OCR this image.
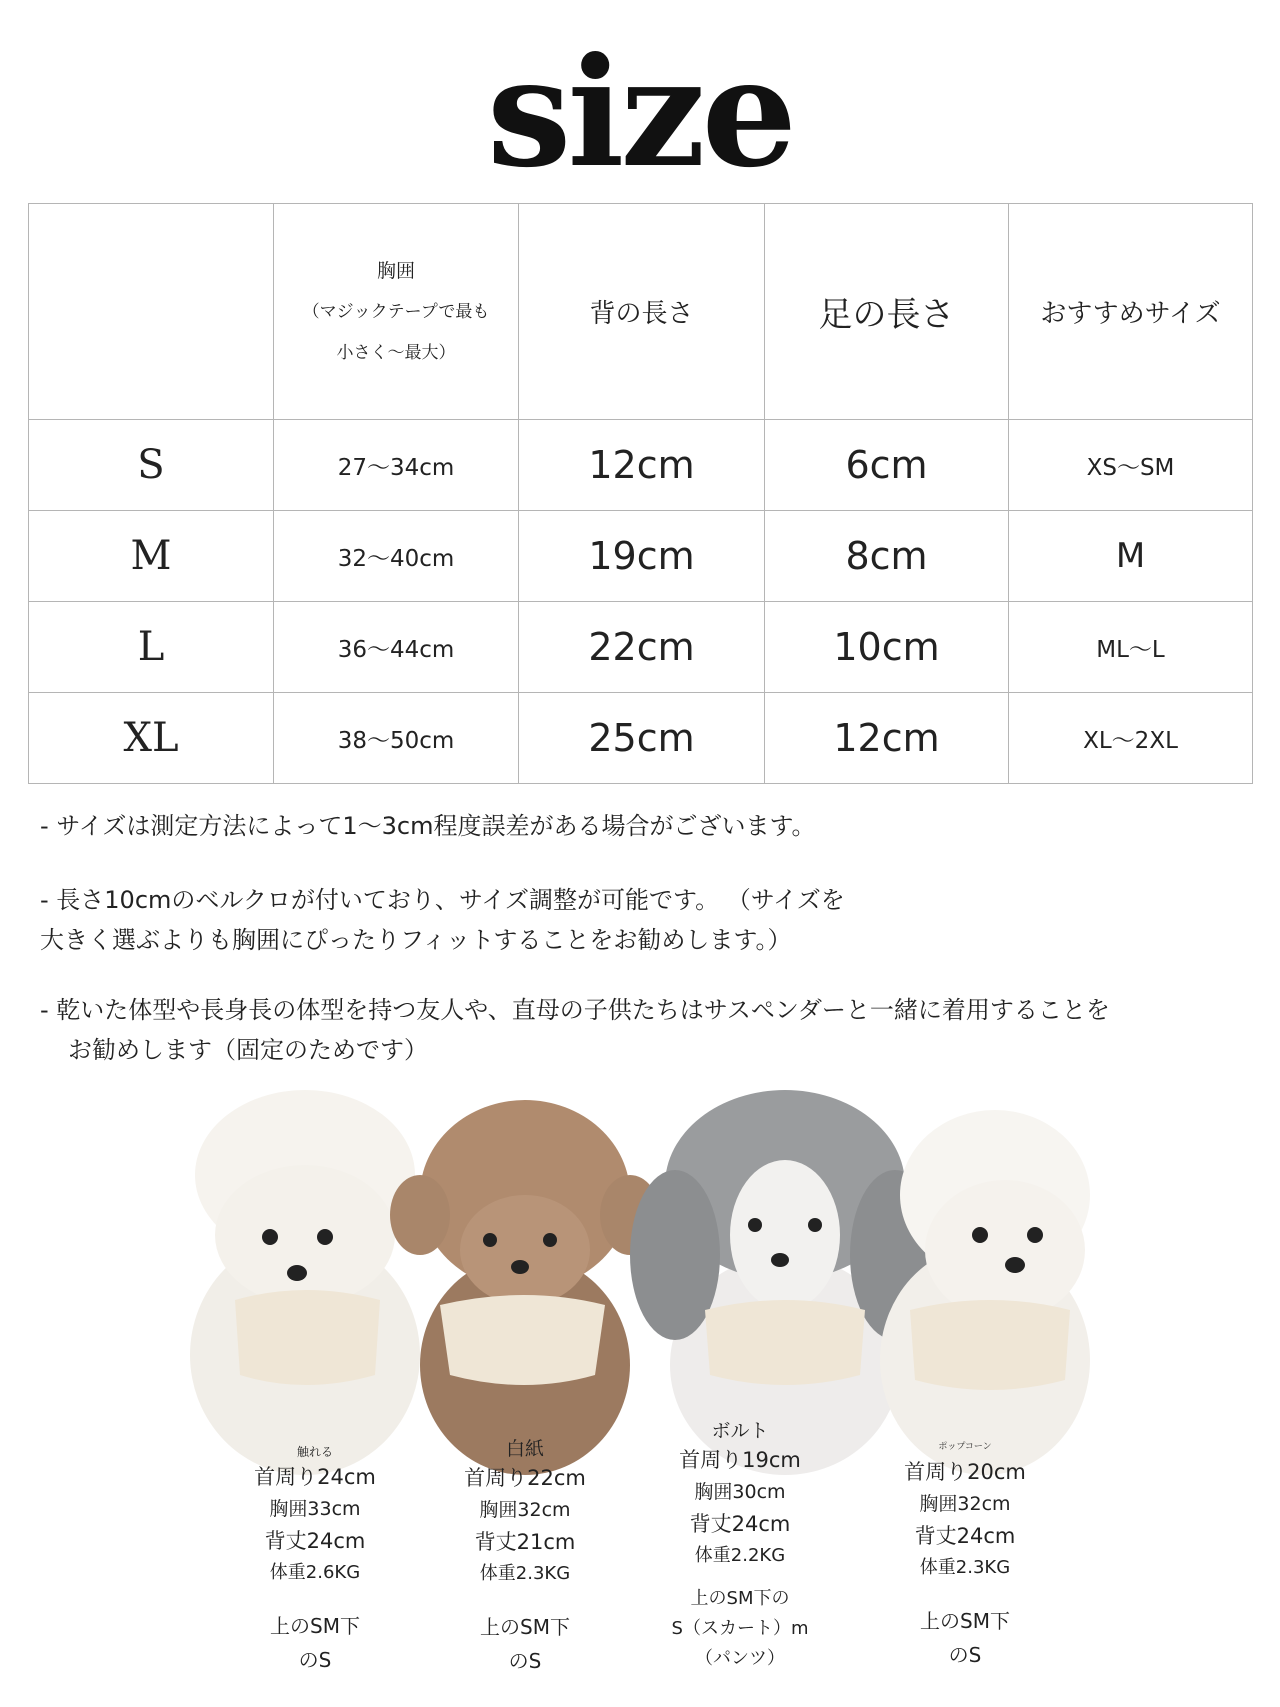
size
	胸囲
（マジックテープで最も
小さく〜最大）	背の長さ	足の長さ	おすすめサイズ
S	27〜34cm	12cm	6cm	XS〜SM
M	32〜40cm	19cm	8cm	M
L	36〜44cm	22cm	10cm	ML〜L
XL	38〜50cm	25cm	12cm	XL〜2XL
- サイズは測定方法によって1〜3cm程度誤差がある場合がございます。
- 長さ10cmのベルクロが付いており、サイズ調整が可能です。 （サイズを
大きく選ぶよりも胸囲にぴったりフィットすることをお勧めします。）
- 乾いた体型や長身長の体型を持つ友人や、直母の子供たちはサスペンダーと一緒に着用することを
お勧めします（固定のためです）
触れる
首周り24cm
胸囲33cm
背丈24cm
体重2.6KG
上のSM下
のS
白紙
首周り22cm
胸囲32cm
背丈21cm
体重2.3KG
上のSM下
のS
ボルト
首周り19cm
胸囲30cm
背丈24cm
体重2.2KG
上のSM下の
S（スカート）m
（パンツ）
ポップコーン
首周り20cm
胸囲32cm
背丈24cm
体重2.3KG
上のSM下
のS
